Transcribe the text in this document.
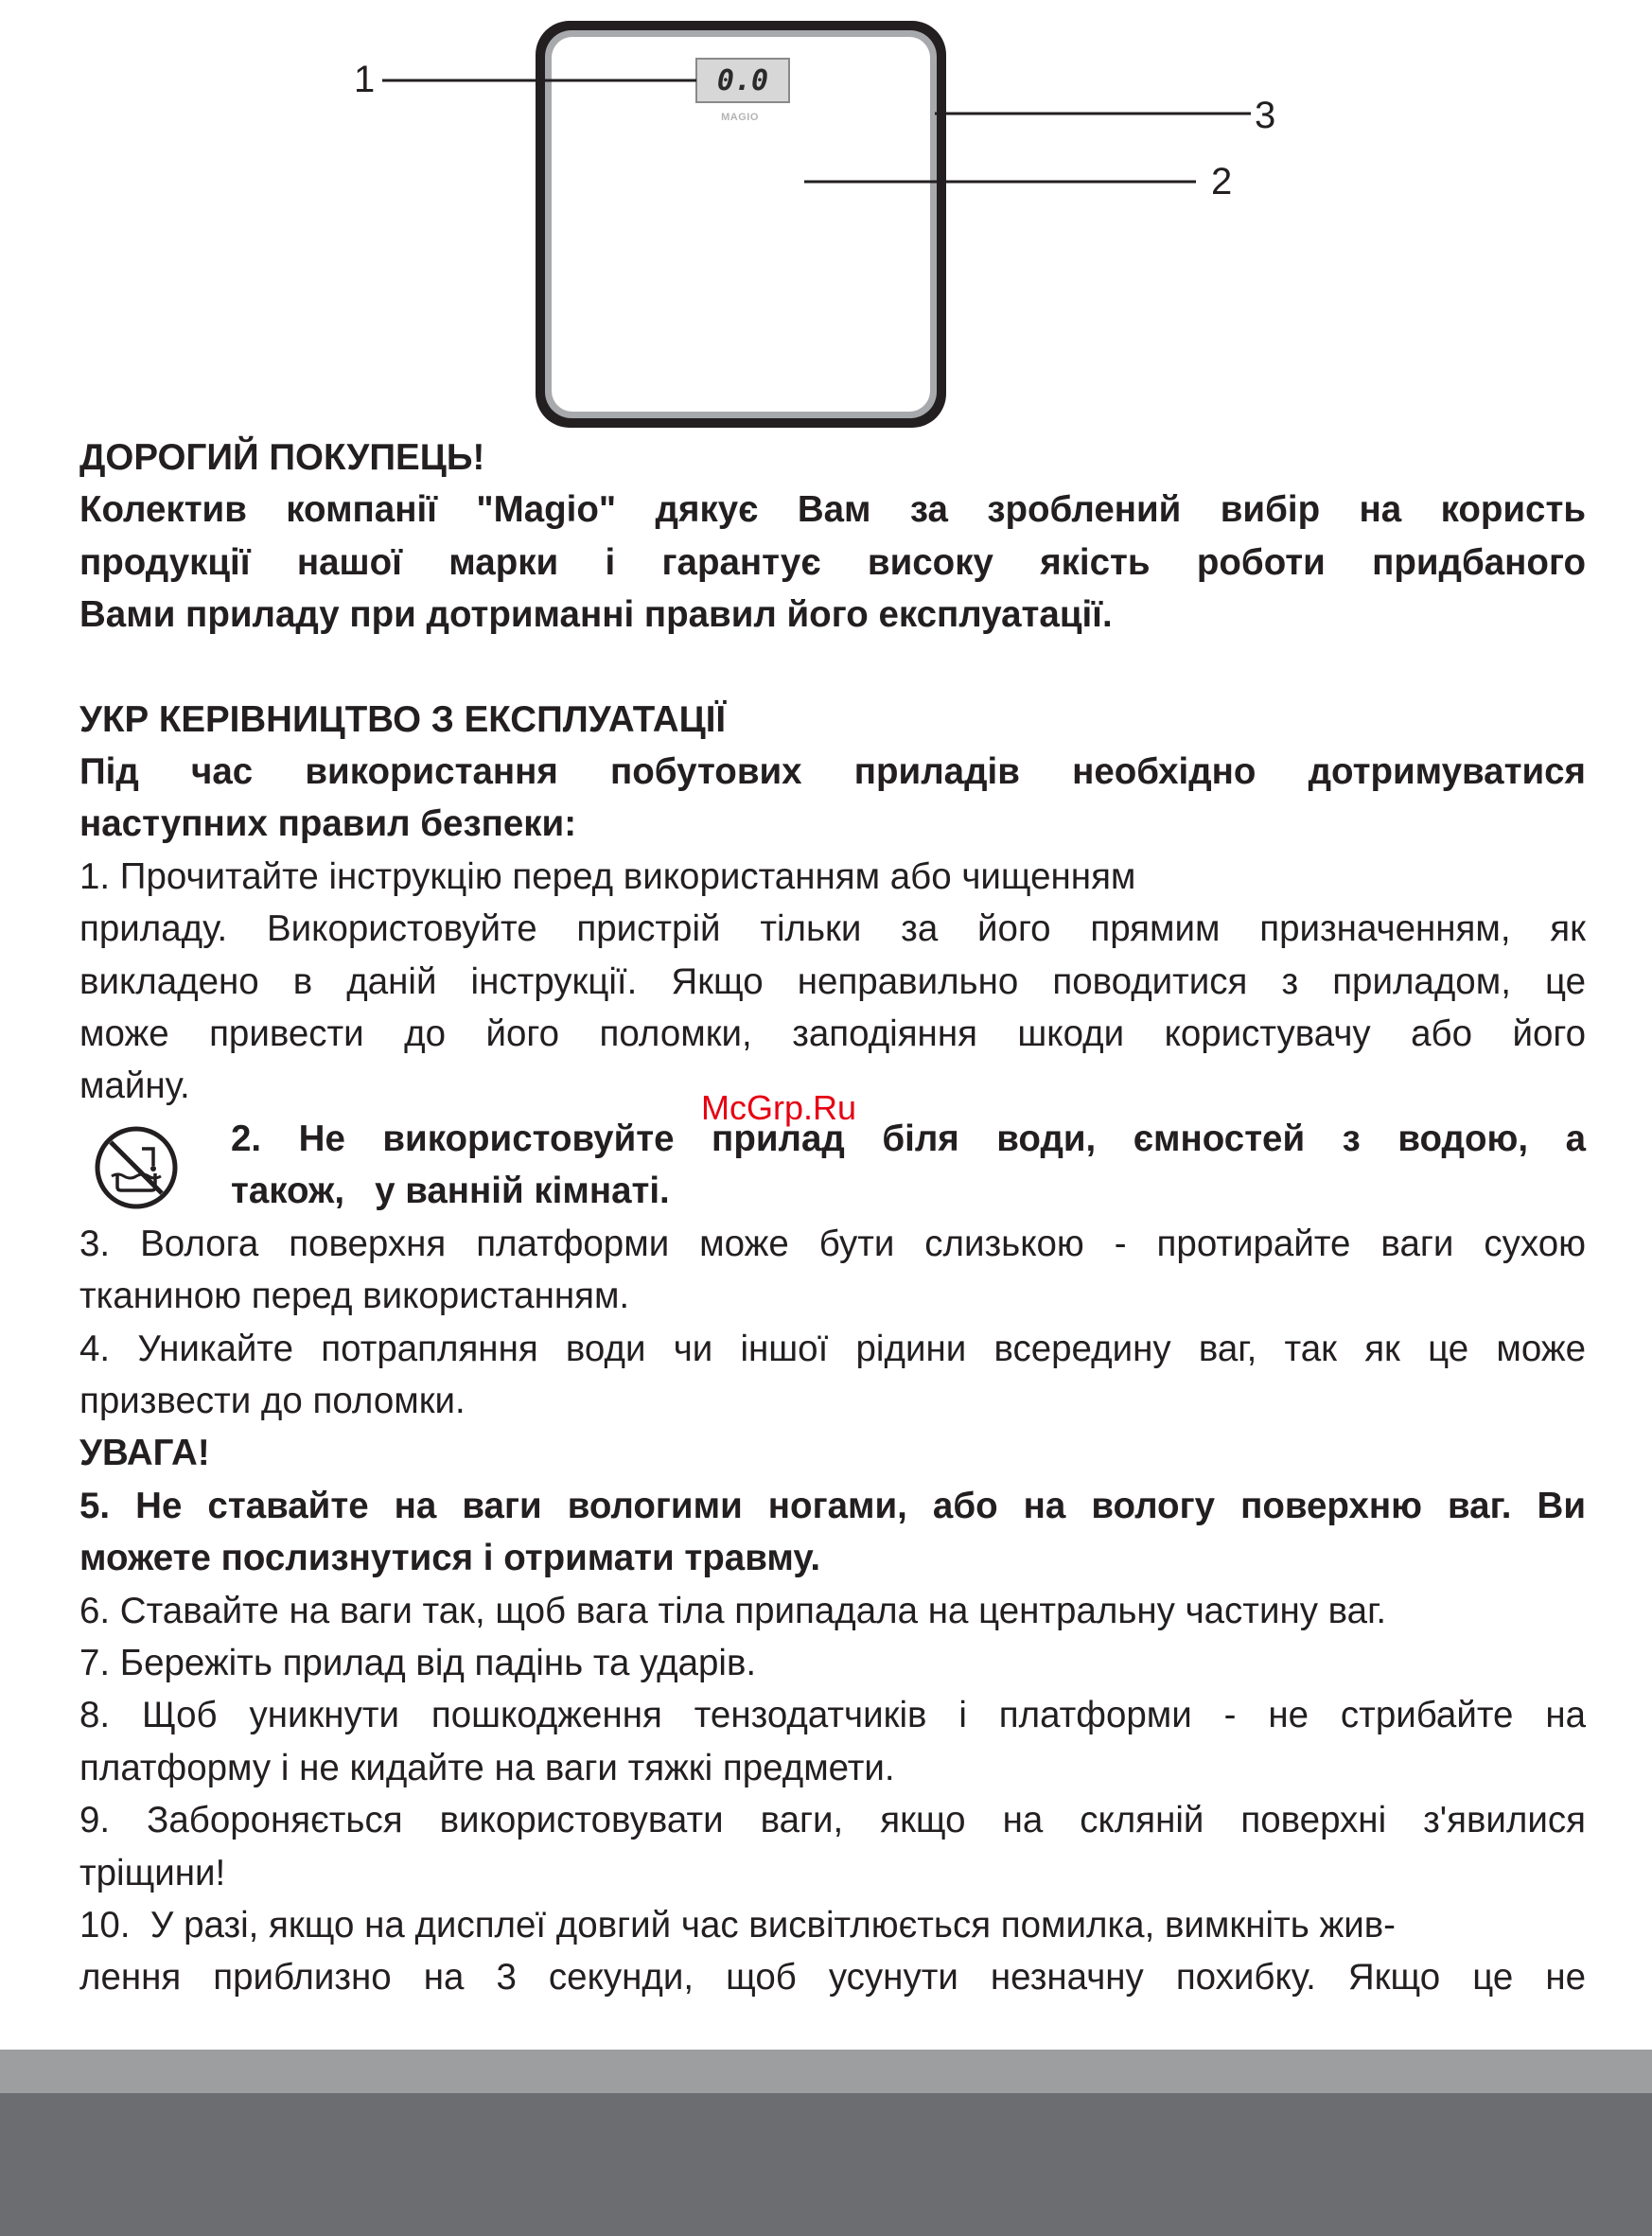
0.0
MAGIO
1
2
3

ДОРОГИЙ ПОКУПЕЦЬ!

Колектив компанії "Magio" дякує Вам за зроблений вибір на користь

продукції нашої марки і гарантує високу якість роботи придбаного

Вами приладу при дотриманні правил його експлуатації.

УКР КЕРІВНИЦТВО З ЕКСПЛУАТАЦІЇ

Під час використання побутових приладів необхідно дотримуватися

наступних правил безпеки:

1. Прочитайте інструкцію перед використанням або чищенням

приладу. Використовуйте пристрій тільки за його прямим призначенням, як

викладено в даній інструкції. Якщо неправильно поводитися з приладом, це

може привести до його поломки, заподіяння шкоди користувачу або його

майну.

2. Не використовуйте прилад біля води, ємностей з водою, а

також,   у ванній кімнаті.

3. Волога поверхня платформи може бути слизькою - протирайте ваги сухою

тканиною перед використанням.

4. Уникайте потрапляння води чи іншої рідини всередину ваг, так як це може

призвести до поломки.

УВАГА!

5. Не ставайте на ваги вологими ногами, або на вологу поверхню ваг. Ви

можете послизнутися і отримати травму.

6. Ставайте на ваги так, щоб вага тіла припадала на центральну частину ваг.

7. Бережіть прилад від падінь та ударів.

8. Щоб уникнути пошкодження тензодатчиків і платформи - не стрибайте на

платформу і не кидайте на ваги тяжкі предмети.

9. Забороняється використовувати ваги, якщо на скляній поверхні з'явилися

тріщини!

10.  У разі, якщо на дисплеї довгий час висвітлюється помилка, вимкніть жив-

лення приблизно на 3 секунди, щоб усунути незначну похибку. Якщо це не

McGrp.Ru
